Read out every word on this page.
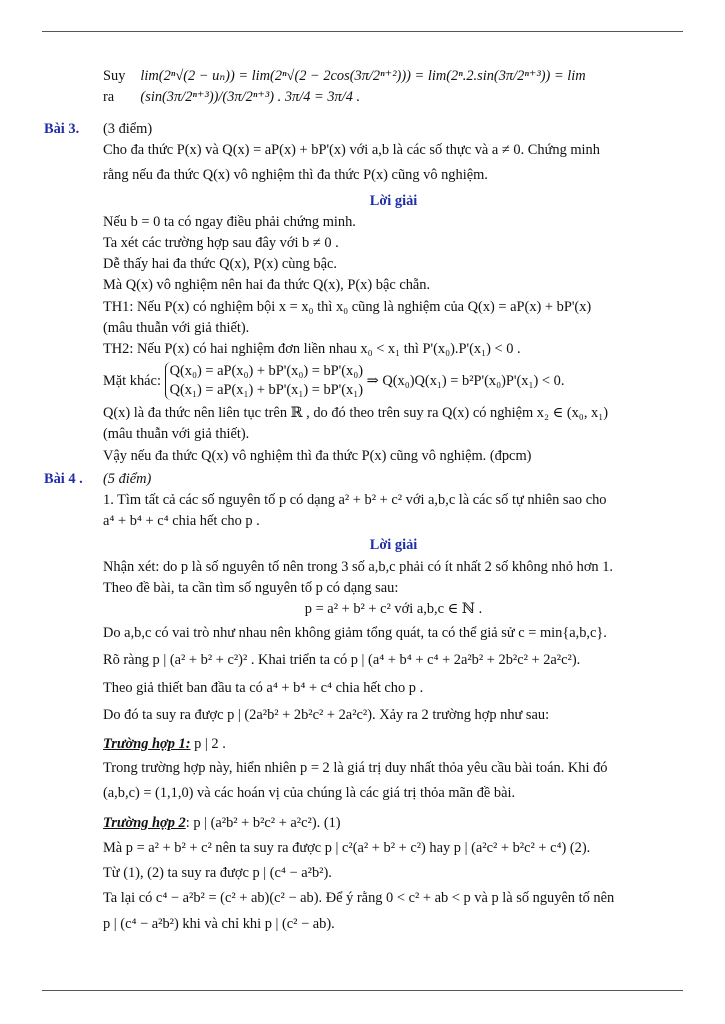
Suy ra

lim(2ⁿ√(2 − uₙ)) = lim(2ⁿ√(2 − 2cos(3π/2ⁿ⁺²))) = lim(2ⁿ.2.sin(3π/2ⁿ⁺³)) = lim (sin(3π/2ⁿ⁺³))/(3π/2ⁿ⁺³) . 3π/4 = 3π/4 .
Bài 3.	(3 điểm)

Cho đa thức P(x) và Q(x) = aP(x) + bP'(x) với a,b là các số thực và a ≠ 0. Chứng minh

rằng nếu đa thức Q(x) vô nghiệm thì đa thức P(x) cũng vô nghiệm.

Lời giải

Nếu b = 0 ta có ngay điều phải chứng minh.

Ta xét các trường hợp sau đây với b ≠ 0 .

Dễ thấy hai đa thức Q(x), P(x) cùng bậc.

Mà Q(x) vô nghiệm nên hai đa thức Q(x), P(x) bậc chẵn.

TH1: Nếu P(x) có nghiệm bội x = x₀ thì x₀ cũng là nghiệm của Q(x) = aP(x) + bP'(x)

(mâu thuẫn với giả thiết).

TH2: Nếu P(x) có hai nghiệm đơn liền nhau x₀ < x₁ thì P'(x₀).P'(x₁) < 0 .

Mặt khác:

Q(x₀) = aP(x₀) + bP'(x₀) = bP'(x₀)
Q(x₁) = aP(x₁) + bP'(x₁) = bP'(x₁)

⇒ Q(x₀)Q(x₁) = b²P'(x₀)P'(x₁) < 0.

Q(x) là đa thức nên liên tục trên ℝ , do đó theo trên suy ra Q(x) có nghiệm x₂ ∈ (x₀, x₁)

(mâu thuẫn với giả thiết).

Vậy nếu đa thức Q(x) vô nghiệm thì đa thức P(x) cũng vô nghiệm. (đpcm)

Bài 4 .	(5 điểm)

1. Tìm tất cả các số nguyên tố p có dạng a² + b² + c² với a,b,c là các số tự nhiên sao cho

a⁴ + b⁴ + c⁴ chia hết cho p .

Lời giải

Nhận xét: do p là số nguyên tố nên trong 3 số a,b,c phải có ít nhất 2 số không nhỏ hơn 1.

Theo đề bài, ta cần tìm số nguyên tố p có dạng sau:

p = a² + b² + c² với a,b,c ∈ ℕ .

Do a,b,c có vai trò như nhau nên không giảm tổng quát, ta có thể giả sử c = min{a,b,c}.

Rõ ràng p | (a² + b² + c²)² . Khai triển ta có p | (a⁴ + b⁴ + c⁴ + 2a²b² + 2b²c² + 2a²c²).

Theo giả thiết ban đầu ta có a⁴ + b⁴ + c⁴ chia hết cho p .

Do đó ta suy ra được p | (2a²b² + 2b²c² + 2a²c²). Xảy ra 2 trường hợp như sau:

Trường hợp 1: p | 2 .

Trong trường hợp này, hiển nhiên p = 2 là giá trị duy nhất thỏa yêu cầu bài toán. Khi đó

(a,b,c) = (1,1,0) và các hoán vị của chúng là các giá trị thỏa mãn đề bài.

Trường hợp 2: p | (a²b² + b²c² + a²c²). (1)

Mà p = a² + b² + c² nên ta suy ra được p | c²(a² + b² + c²) hay p | (a²c² + b²c² + c⁴) (2).

Từ (1), (2) ta suy ra được p | (c⁴ − a²b²).

Ta lại có c⁴ − a²b² = (c² + ab)(c² − ab). Để ý rằng 0 < c² + ab < p và p là số nguyên tố nên

p | (c⁴ − a²b²) khi và chỉ khi p | (c² − ab).
